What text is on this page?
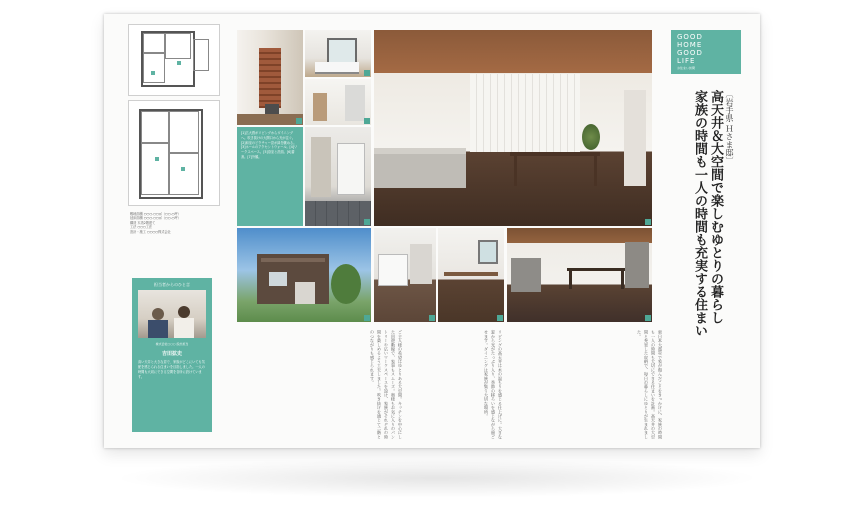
敷地面積 ○○○.○○㎡（○○.○坪）
延床面積 ○○○.○○㎡（○○.○坪）
構造 木造2階建て
工法 ○○○工法
設計・施工 ○○○○株式会社
担当者からのひと言
株式会社○○○ 設計担当
吉田拡史
高い天井と大きな窓で、家族がどこにいても気配を感じられる住まいを目指しました。一人の時間も大切にできる空間を各所に設けています。
[1]広大感がリビングからダイニングへ。吹き抜けの大開口から光が注ぐ。[2]和室のピクチャー窓が緑を眺める。[3]ホールのアクセントウォール。[4]ワークスペース。[5]浴室と洗面。[6]書斎。[7]外観。
ご主人様の希望はゆとりある大空間。キッチンを中心にした回遊動線で、家事もスムーズ。奥様もお気に入りのパントリーや広いワークスペースを設け、家族がそれぞれの時間を楽しめるよう工夫しました。吹き抜けを通じて二階とのつながりも感じられます。	リビングの高天井は木の温もりを感じる仕上げに。大きな窓から光がたっぷり入り、季節の移ろいを感じながら過ごせます。ダイニングは家族が集う大切な場所。	東日本大震災で家が傷んだことをきっかけに、家族の時間も一人の時間も大切にできる住まいを計画。高天井の大空間と充実した収納で、毎日の暮らしにゆとりが生まれました。
GOOD
HOME
GOOD
LIFE
お住まい訪問
〔岩手県 Ｈさま邸〕
高天井＆大空間で楽しむゆとりの暮らし
家族の時間も一人の時間も充実する住まい
